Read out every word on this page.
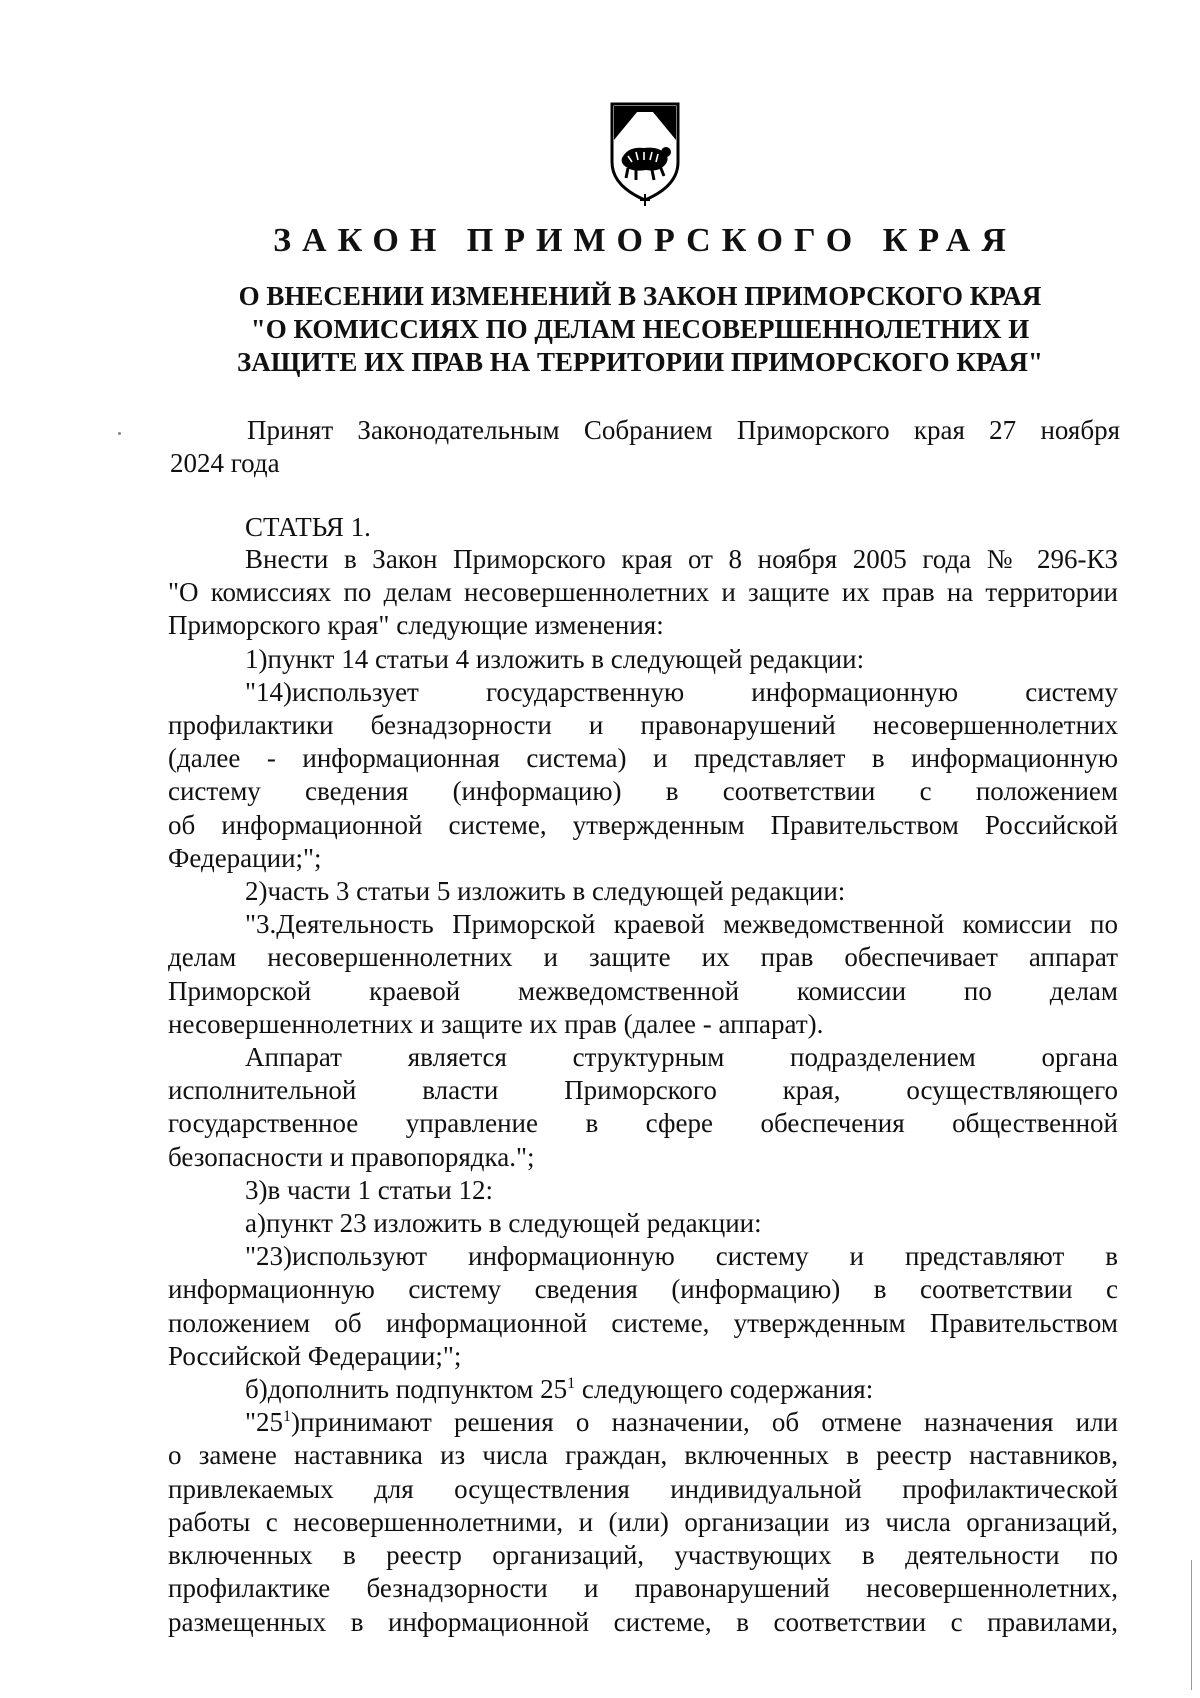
ЗАКОН ПРИМОРСКОГО КРАЯ
О ВНЕСЕНИИ ИЗМЕНЕНИЙ В ЗАКОН ПРИМОРСКОГО КРАЯ
"О КОМИССИЯХ ПО ДЕЛАМ НЕСОВЕРШЕННОЛЕТНИХ И
ЗАЩИТЕ ИХ ПРАВ НА ТЕРРИТОРИИ ПРИМОРСКОГО КРАЯ"
Принят Законодательным Собранием Приморского края 27 ноября
2024 года
СТАТЬЯ 1.
Внести в Закон Приморского края от 8 ноября 2005 года № 296-КЗ
"О комиссиях по делам несовершеннолетних и защите их прав на территории
Приморского края" следующие изменения:
1)пункт 14 статьи 4 изложить в следующей редакции:
"14)использует государственную информационную систему
профилактики безнадзорности и правонарушений несовершеннолетних
(далее - информационная система) и представляет в информационную
систему сведения (информацию) в соответствии с положением
об информационной системе, утвержденным Правительством Российской
Федерации;";
2)часть 3 статьи 5 изложить в следующей редакции:
"3.Деятельность Приморской краевой межведомственной комиссии по
делам несовершеннолетних и защите их прав обеспечивает аппарат
Приморской краевой межведомственной комиссии по делам
несовершеннолетних и защите их прав (далее - аппарат).
Аппарат является структурным подразделением органа
исполнительной власти Приморского края, осуществляющего
государственное управление в сфере обеспечения общественной
безопасности и правопорядка.";
3)в части 1 статьи 12:
а)пункт 23 изложить в следующей редакции:
"23)используют информационную систему и представляют в
информационную систему сведения (информацию) в соответствии с
положением об информационной системе, утвержденным Правительством
Российской Федерации;";
б)дополнить подпунктом $25^1$ следующего содержания:
"$25^1)принимают$ решения о назначении, об отмене назначения или
о замене наставника из числа граждан, включенных в реестр наставников,
привлекаемых для осуществления индивидуальной профилактической
работы с несовершеннолетними, и (или) организации из числа организаций,
включенных в реестр организаций, участвующих в деятельности по
профилактике безнадзорности и правонарушений несовершеннолетних,
размещенных в информационной системе, в соответствии с правилами,
